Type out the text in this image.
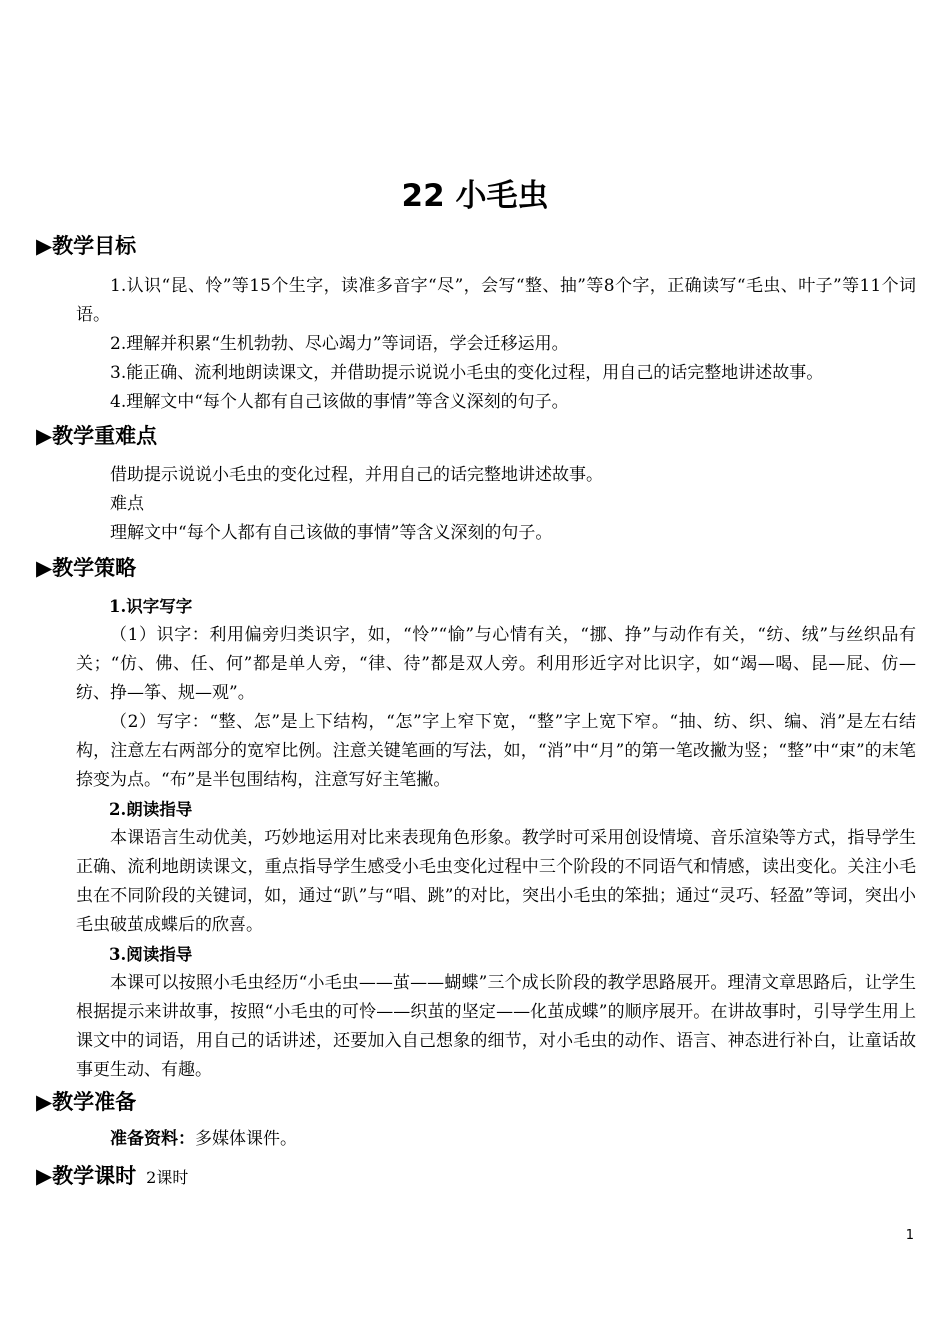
22 小毛虫
▶教学目标

1.认识“昆、怜”等15个生字，读准多音字“尽”，会写“整、抽”等8个字，正确读写“毛虫、叶子”等11个词语。

2.理解并积累“生机勃勃、尽心竭力”等词语，学会迁移运用。

3.能正确、流利地朗读课文，并借助提示说说小毛虫的变化过程，用自己的话完整地讲述故事。

4.理解文中“每个人都有自己该做的事情”等含义深刻的句子。

▶教学重难点

借助提示说说小毛虫的变化过程，并用自己的话完整地讲述故事。

难点

理解文中“每个人都有自己该做的事情”等含义深刻的句子。

▶教学策略
1.识字写字

（1）识字：利用偏旁归类识字，如，“怜”“愉”与心情有关，“挪、挣”与动作有关，“纺、绒”与丝织品有关；“仿、佛、任、何”都是单人旁，“律、待”都是双人旁。利用形近字对比识字，如“竭—喝、昆—屁、仿—纺、挣—筝、规—观”。

（2）写字：“整、怎”是上下结构，“怎”字上窄下宽，“整”字上宽下窄。“抽、纺、织、编、消”是左右结构，注意左右两部分的宽窄比例。注意关键笔画的写法，如，“消”中“月”的第一笔改撇为竖；“整”中“束”的末笔捺变为点。“布”是半包围结构，注意写好主笔撇。

2.朗读指导

本课语言生动优美，巧妙地运用对比来表现角色形象。教学时可采用创设情境、音乐渲染等方式，指导学生正确、流利地朗读课文，重点指导学生感受小毛虫变化过程中三个阶段的不同语气和情感，读出变化。关注小毛虫在不同阶段的关键词，如，通过“趴”与“唱、跳”的对比，突出小毛虫的笨拙；通过“灵巧、轻盈”等词，突出小毛虫破茧成蝶后的欣喜。

3.阅读指导

本课可以按照小毛虫经历“小毛虫——茧——蝴蝶”三个成长阶段的教学思路展开。理清文章思路后，让学生根据提示来讲故事，按照“小毛虫的可怜——织茧的坚定——化茧成蝶”的顺序展开。在讲故事时，引导学生用上课文中的词语，用自己的话讲述，还要加入自己想象的细节，对小毛虫的动作、语言、神态进行补白，让童话故事更生动、有趣。

▶教学准备

准备资料：多媒体课件。

▶教学课时 2课时
1
